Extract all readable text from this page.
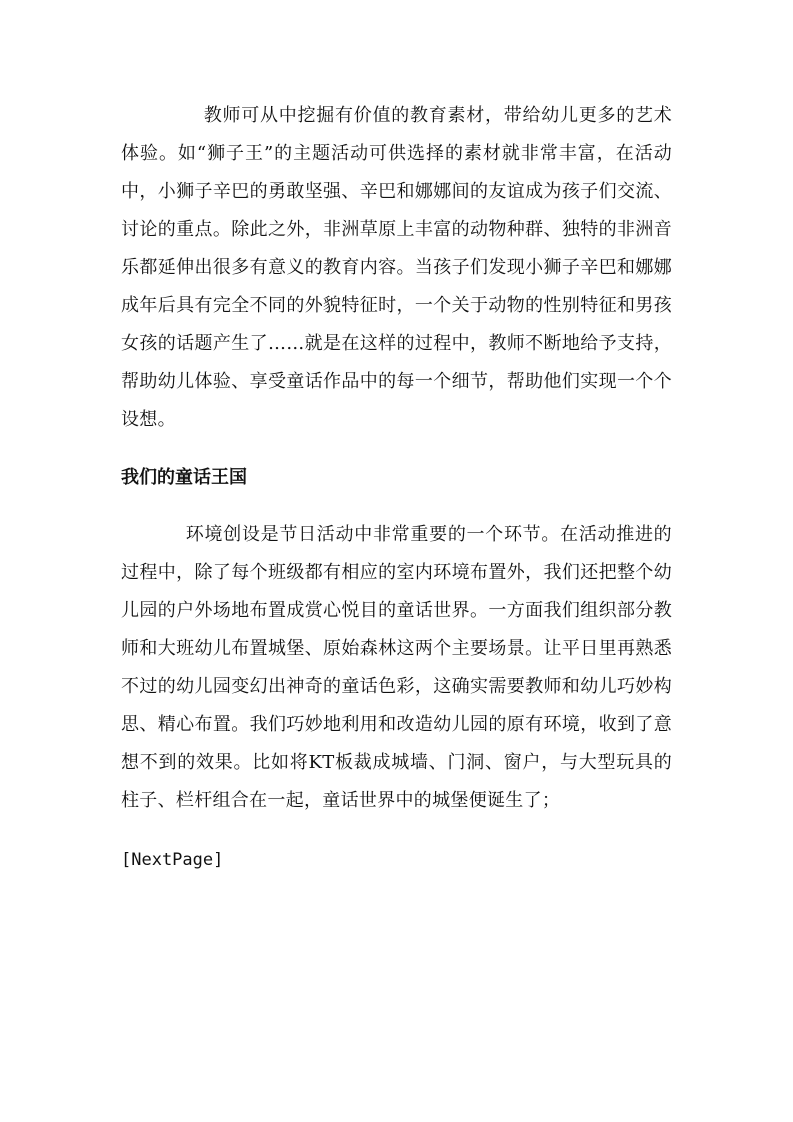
教师可从中挖掘有价值的教育素材，带给幼儿更多的艺术体验。如“狮子王”的主题活动可供选择的素材就非常丰富，在活动中，小狮子辛巴的勇敢坚强、辛巴和娜娜间的友谊成为孩子们交流、讨论的重点。除此之外，非洲草原上丰富的动物种群、独特的非洲音乐都延伸出很多有意义的教育内容。当孩子们发现小狮子辛巴和娜娜成年后具有完全不同的外貌特征时，一个关于动物的性别特征和男孩女孩的话题产生了……就是在这样的过程中，教师不断地给予支持，帮助幼儿体验、享受童话作品中的每一个细节，帮助他们实现一个个设想。

我们的童话王国

环境创设是节日活动中非常重要的一个环节。在活动推进的过程中，除了每个班级都有相应的室内环境布置外，我们还把整个幼儿园的户外场地布置成赏心悦目的童话世界。一方面我们组织部分教师和大班幼儿布置城堡、原始森林这两个主要场景。让平日里再熟悉不过的幼儿园变幻出神奇的童话色彩，这确实需要教师和幼儿巧妙构思、精心布置。我们巧妙地利用和改造幼儿园的原有环境，收到了意想不到的效果。比如将KT板裁成城墙、门洞、窗户，与大型玩具的柱子、栏杆组合在一起，童话世界中的城堡便诞生了；

[NextPage]
